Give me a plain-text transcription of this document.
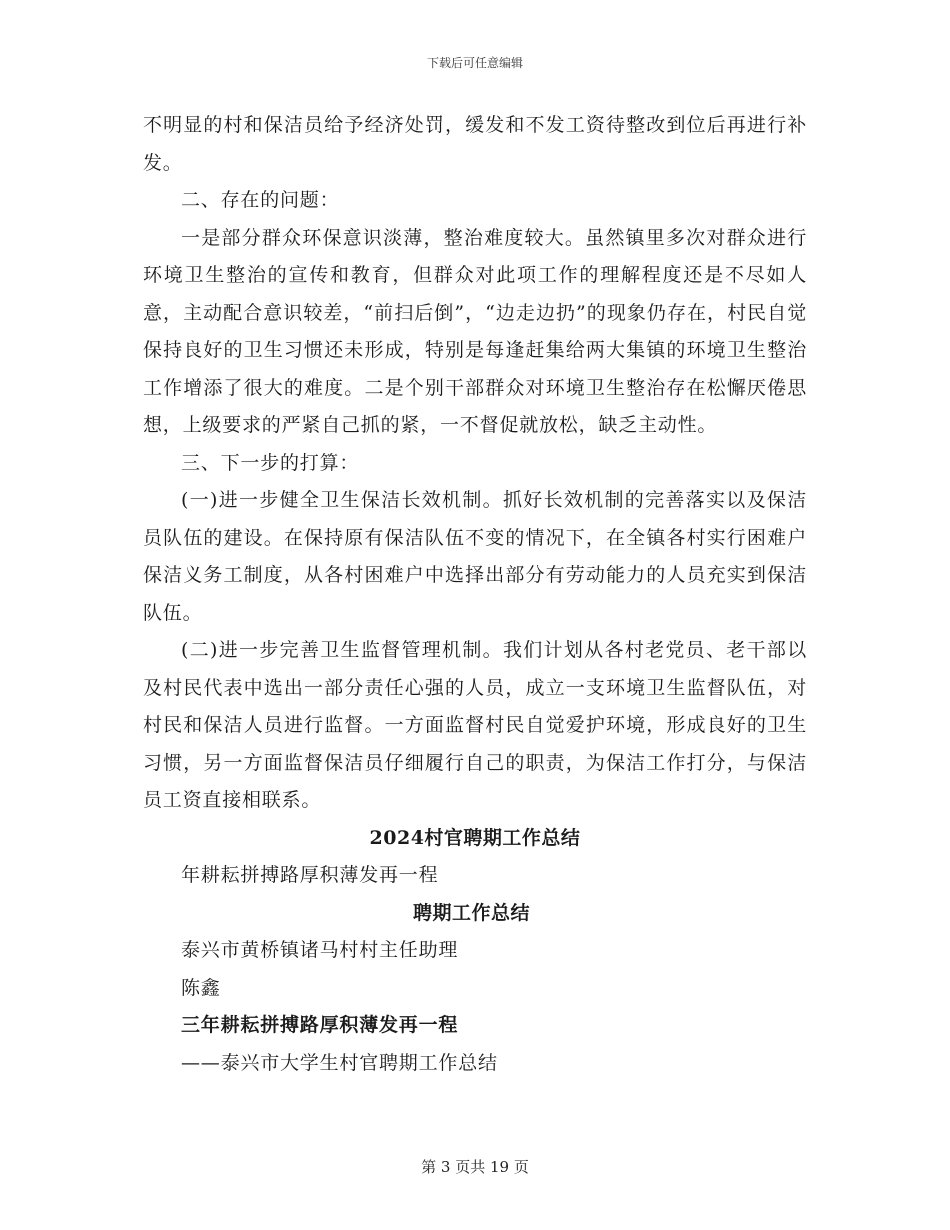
下载后可任意编辑

不明显的村和保洁员给予经济处罚，缓发和不发工资待整改到位后再进行补发。

二、存在的问题：

一是部分群众环保意识淡薄，整治难度较大。虽然镇里多次对群众进行环境卫生整治的宣传和教育，但群众对此项工作的理解程度还是不尽如人意，主动配合意识较差，“前扫后倒”，“边走边扔”的现象仍存在，村民自觉保持良好的卫生习惯还未形成，特别是每逢赶集给两大集镇的环境卫生整治工作增添了很大的难度。二是个别干部群众对环境卫生整治存在松懈厌倦思想，上级要求的严紧自己抓的紧，一不督促就放松，缺乏主动性。

三、下一步的打算：

(一)进一步健全卫生保洁长效机制。抓好长效机制的完善落实以及保洁员队伍的建设。在保持原有保洁队伍不变的情况下，在全镇各村实行困难户保洁义务工制度，从各村困难户中选择出部分有劳动能力的人员充实到保洁队伍。

(二)进一步完善卫生监督管理机制。我们计划从各村老党员、老干部以及村民代表中选出一部分责任心强的人员，成立一支环境卫生监督队伍，对村民和保洁人员进行监督。一方面监督村民自觉爱护环境，形成良好的卫生习惯，另一方面监督保洁员仔细履行自己的职责，为保洁工作打分，与保洁员工资直接相联系。

2024村官聘期工作总结

年耕耘拼搏路厚积薄发再一程

聘期工作总结

泰兴市黄桥镇诸马村村主任助理

陈鑫

三年耕耘拼搏路厚积薄发再一程

——泰兴市大学生村官聘期工作总结

第 3 页共 19 页
